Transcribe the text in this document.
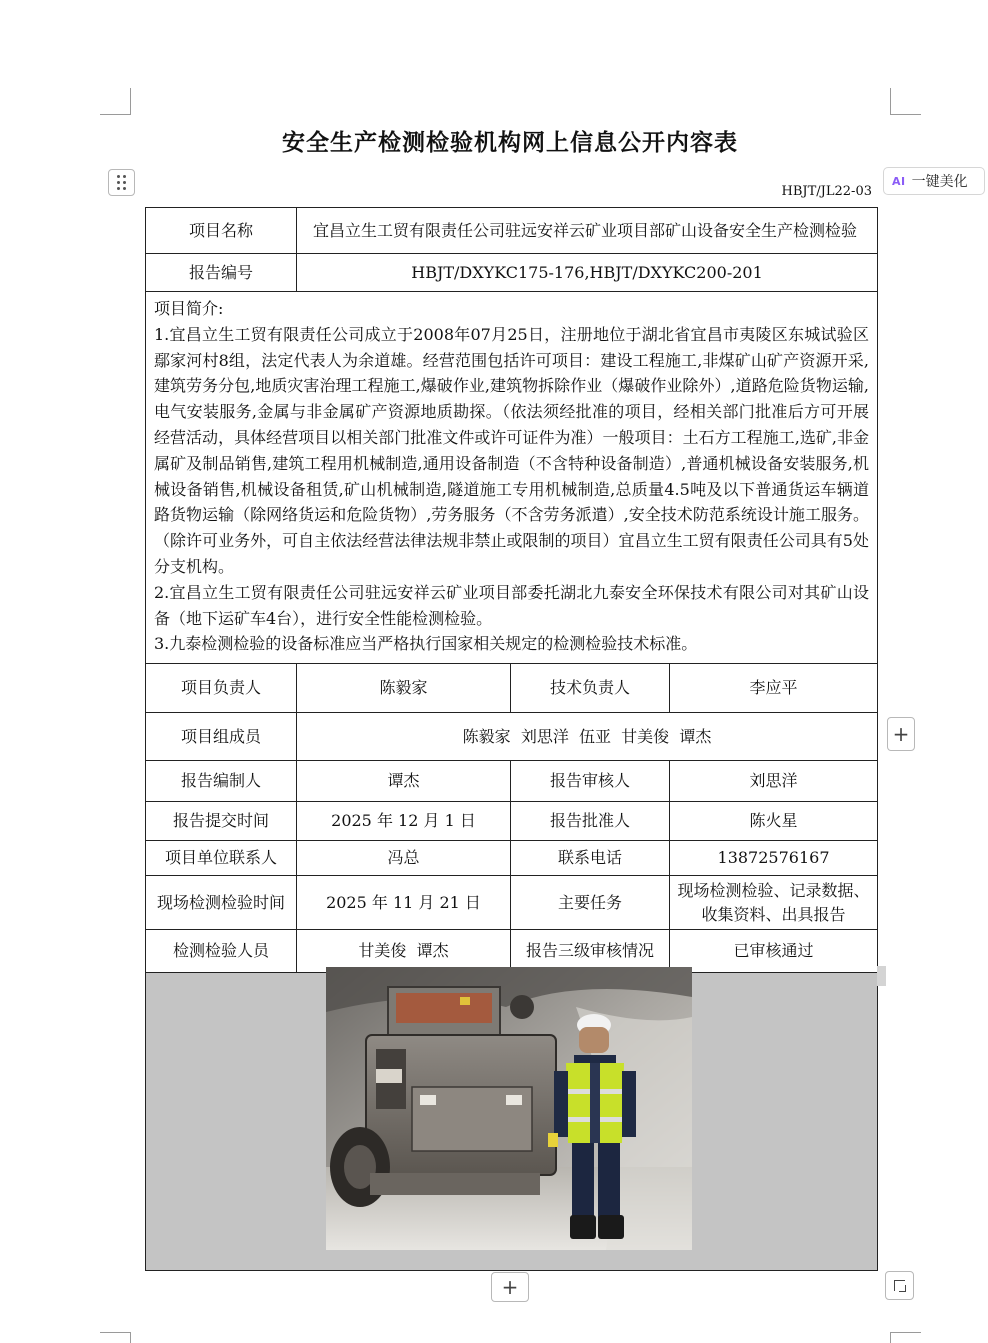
安全生产检测检验机构网上信息公开内容表
AI 一键美化
HBJT/JL22-03
项目名称	宜昌立生工贸有限责任公司驻远安祥云矿业项目部矿山设备安全生产检测检验		
报告编号	HBJT/DXYKC175-176,HBJT/DXYKC200-201		

项目简介:

1.宜昌立生工贸有限责任公司成立于2008年07月25日，注册地位于湖北省宜昌市夷陵区东城试验区鄢家河村8组，法定代表人为余道雄。经营范围包括许可项目：建设工程施工,非煤矿山矿产资源开采,建筑劳务分包,地质灾害治理工程施工,爆破作业,建筑物拆除作业（爆破作业除外）,道路危险货物运输,电气安装服务,金属与非金属矿产资源地质勘探。（依法须经批准的项目，经相关部门批准后方可开展经营活动，具体经营项目以相关部门批准文件或许可证件为准）一般项目：土石方工程施工,选矿,非金属矿及制品销售,建筑工程用机械制造,通用设备制造（不含特种设备制造）,普通机械设备安装服务,机械设备销售,机械设备租赁,矿山机械制造,隧道施工专用机械制造,总质量4.5吨及以下普通货运车辆道路货物运输（除网络货运和危险货物）,劳务服务（不含劳务派遣）,安全技术防范系统设计施工服务。（除许可业务外，可自主依法经营法律法规非禁止或限制的项目）宜昌立生工贸有限责任公司具有5处分支机构。

2.宜昌立生工贸有限责任公司驻远安祥云矿业项目部委托湖北九泰安全环保技术有限公司对其矿山设备（地下运矿车4台），进行安全性能检测检验。

3.九泰检测检验的设备标准应当严格执行国家相关规定的检测检验技术标准。			

项目负责人	陈毅家	技术负责人	李应平
项目组成员	陈毅家  刘思洋  伍亚  甘美俊  谭杰		
报告编制人	谭杰	报告审核人	刘思洋
报告提交时间	2025 年 12 月 1 日	报告批准人	陈火星
项目单位联系人	冯总	联系电话	13872576167
现场检测检验时间	2025 年 11 月 21 日	主要任务	现场检测检验、记录数据、收集资料、出具报告
检测检验人员	甘美俊  谭杰	报告三级审核情况	已审核通过

+
+
